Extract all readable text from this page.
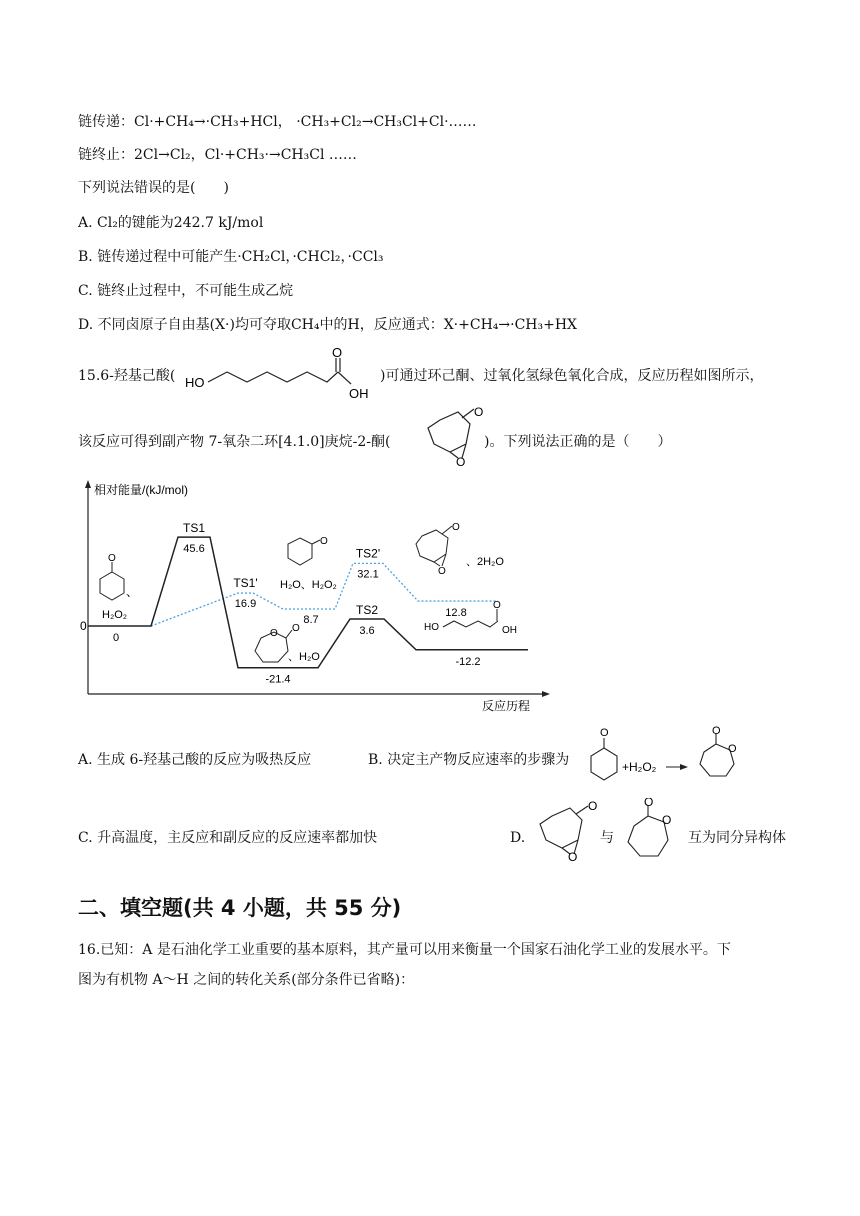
链传递：Cl·+CH₄→·CH₃+HCl， ·CH₃+Cl₂→CH₃Cl+Cl·……
链终止：2Cl→Cl₂，Cl·+CH₃·→CH₃Cl ……
下列说法错误的是(　　)
A. Cl₂的键能为242.7 kJ/mol
B. 链传递过程中可能产生·CH₂Cl，·CHCl₂，·CCl₃
C. 链终止过程中，不可能生成乙烷
D. 不同卤原子自由基(X·)均可夺取CH₄中的H，反应通式：X·+CH₄→·CH₃+HX
15.6-羟基己酸( HO
O
OH
)可通过环己酮、过氧化氢绿色氧化合成，反应历程如图所示，
该反应可得到副产物 7-氧杂二环[4.1.0]庚烷-2-酮(
O
O
)。下列说法正确的是（　　）
相对能量/(kJ/mol)
反应历程
0
TS1
TS2
TS1'
TS2'
0
45.6
-21.4
3.6
-12.2
16.9
8.7
32.1
12.8
O
、
H₂O₂
O
O
、H₂O
O
H₂O、H₂O₂
O
O
、2H₂O
HO
O
OH
A. 生成 6-羟基己酸的反应为吸热反应	B. 决定主产物反应速率的步骤为
O
+H₂O₂
O
O
C. 升高温度，主反应和副反应的反应速率都加快	D.
O
O
与
O
O
互为同分异构体
二、填空题(共 4 小题，共 55 分)
16.已知：A 是石油化学工业重要的基本原料，其产量可以用来衡量一个国家石油化学工业的发展水平。下
图为有机物 A～H 之间的转化关系(部分条件已省略)：
